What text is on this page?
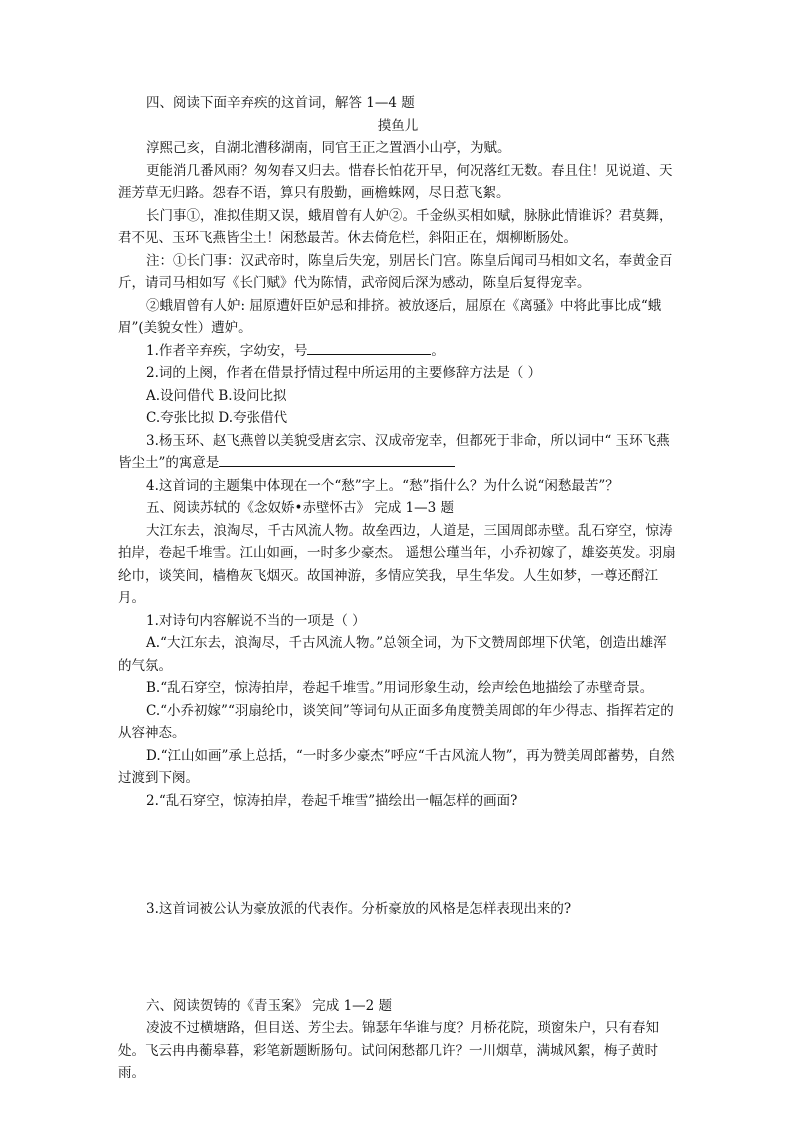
四、阅读下面辛弃疾的这首词，解答 1—4 题

摸鱼儿

淳熙己亥，自湖北漕移湖南，同官王正之置酒小山亭，为赋。

更能消几番风雨？匆匆春又归去。惜春长怕花开早，何况落红无数。春且住！见说道、天涯芳草无归路。怨春不语，算只有殷勤，画檐蛛网，尽日惹飞絮。

长门事①，准拟佳期又误，蛾眉曾有人妒②。千金纵买相如赋，脉脉此情谁诉？君莫舞，君不见、玉环飞燕皆尘土！闲愁最苦。休去倚危栏，斜阳正在，烟柳断肠处。

注：①长门事：汉武帝时，陈皇后失宠，别居长门宫。陈皇后闻司马相如文名，奉黄金百斤，请司马相如写《长门赋》代为陈情，武帝阅后深为感动，陈皇后复得宠幸。

②蛾眉曾有人妒: 屈原遭奸臣妒忌和排挤。被放逐后，屈原在《离骚》中将此事比成“蛾眉”(美貌女性）遭妒。

1.作者辛弃疾，字幼安，号	。

2.词的上阕，作者在借景抒情过程中所运用的主要修辞方法是（ ）

A.设问借代 B.设问比拟

C.夸张比拟 D.夸张借代

3.杨玉环、赵飞燕曾以美貌受唐玄宗、汉成帝宠幸，但都死于非命，所以词中“ 玉环飞燕皆尘土”的寓意是

4.这首词的主题集中体现在一个“愁”字上。“愁”指什么？为什么说“闲愁最苦”？

五、阅读苏轼的《念奴娇•赤壁怀古》 完成 1—3 题

大江东去，浪淘尽，千古风流人物。故垒西边，人道是，三国周郎赤壁。乱石穿空，惊涛拍岸，卷起千堆雪。江山如画，一时多少豪杰。 遥想公瑾当年，小乔初嫁了，雄姿英发。羽扇纶巾，谈笑间，樯橹灰飞烟灭。故国神游，多情应笑我，早生华发。人生如梦，一尊还酹江月。

1.对诗句内容解说不当的一项是（ ）

A.“大江东去，浪淘尽，千古风流人物。”总领全词，为下文赞周郎埋下伏笔，创造出雄浑的气氛。

B.“乱石穿空，惊涛拍岸，卷起千堆雪。”用词形象生动，绘声绘色地描绘了赤壁奇景。

C.“小乔初嫁”“羽扇纶巾，谈笑间”等词句从正面多角度赞美周郎的年少得志、指挥若定的从容神态。

D.“江山如画”承上总括，“一时多少豪杰”呼应“千古风流人物”，再为赞美周郎蓄势，自然过渡到下阕。

2.“乱石穿空，惊涛拍岸，卷起千堆雪”描绘出一幅怎样的画面?

3.这首词被公认为豪放派的代表作。分析豪放的风格是怎样表现出来的?

六、阅读贺铸的《青玉案》 完成 1—2 题

凌波不过横塘路，但目送、芳尘去。锦瑟年华谁与度？月桥花院，琐窗朱户，只有春知处。飞云冉冉蘅皋暮，彩笔新题断肠句。试问闲愁都几许？一川烟草，满城风絮，梅子黄时雨。
